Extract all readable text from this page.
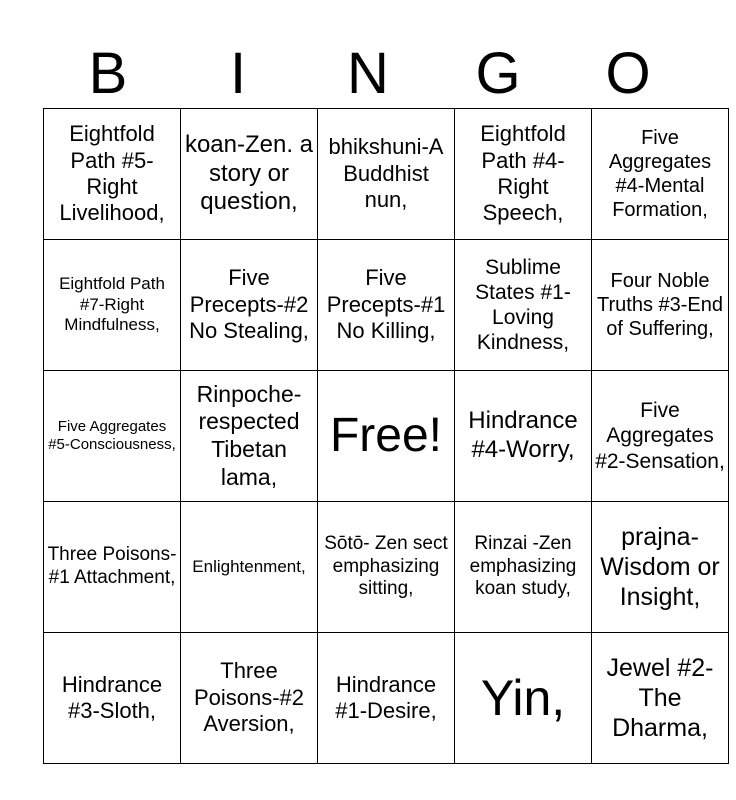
B	I	N	G	O
Eightfold Path #5-Right Livelihood,	koan-Zen. a story or question,	bhikshuni-A Buddhist nun,	Eightfold Path #4-Right Speech,	Five Aggregates #4-Mental Formation,
Eightfold Path #7-Right Mindfulness,	Five Precepts-#2 No Stealing,	Five Precepts-#1 No Killing,	Sublime States #1-Loving Kindness,	Four Noble Truths #3-End of Suffering,
Five Aggregates #5-Consciousness,	Rinpoche-respected Tibetan lama,	Free!	Hindrance #4-Worry,	Five Aggregates #2-Sensation,
Three Poisons- #1 Attachment,	Enlightenment,	Sōtō- Zen sect emphasizing sitting,	Rinzai -Zen emphasizing koan study,	prajna-Wisdom or Insight,
Hindrance #3-Sloth,	Three Poisons-#2 Aversion,	Hindrance #1-Desire,	Yin,	Jewel #2-The Dharma,
